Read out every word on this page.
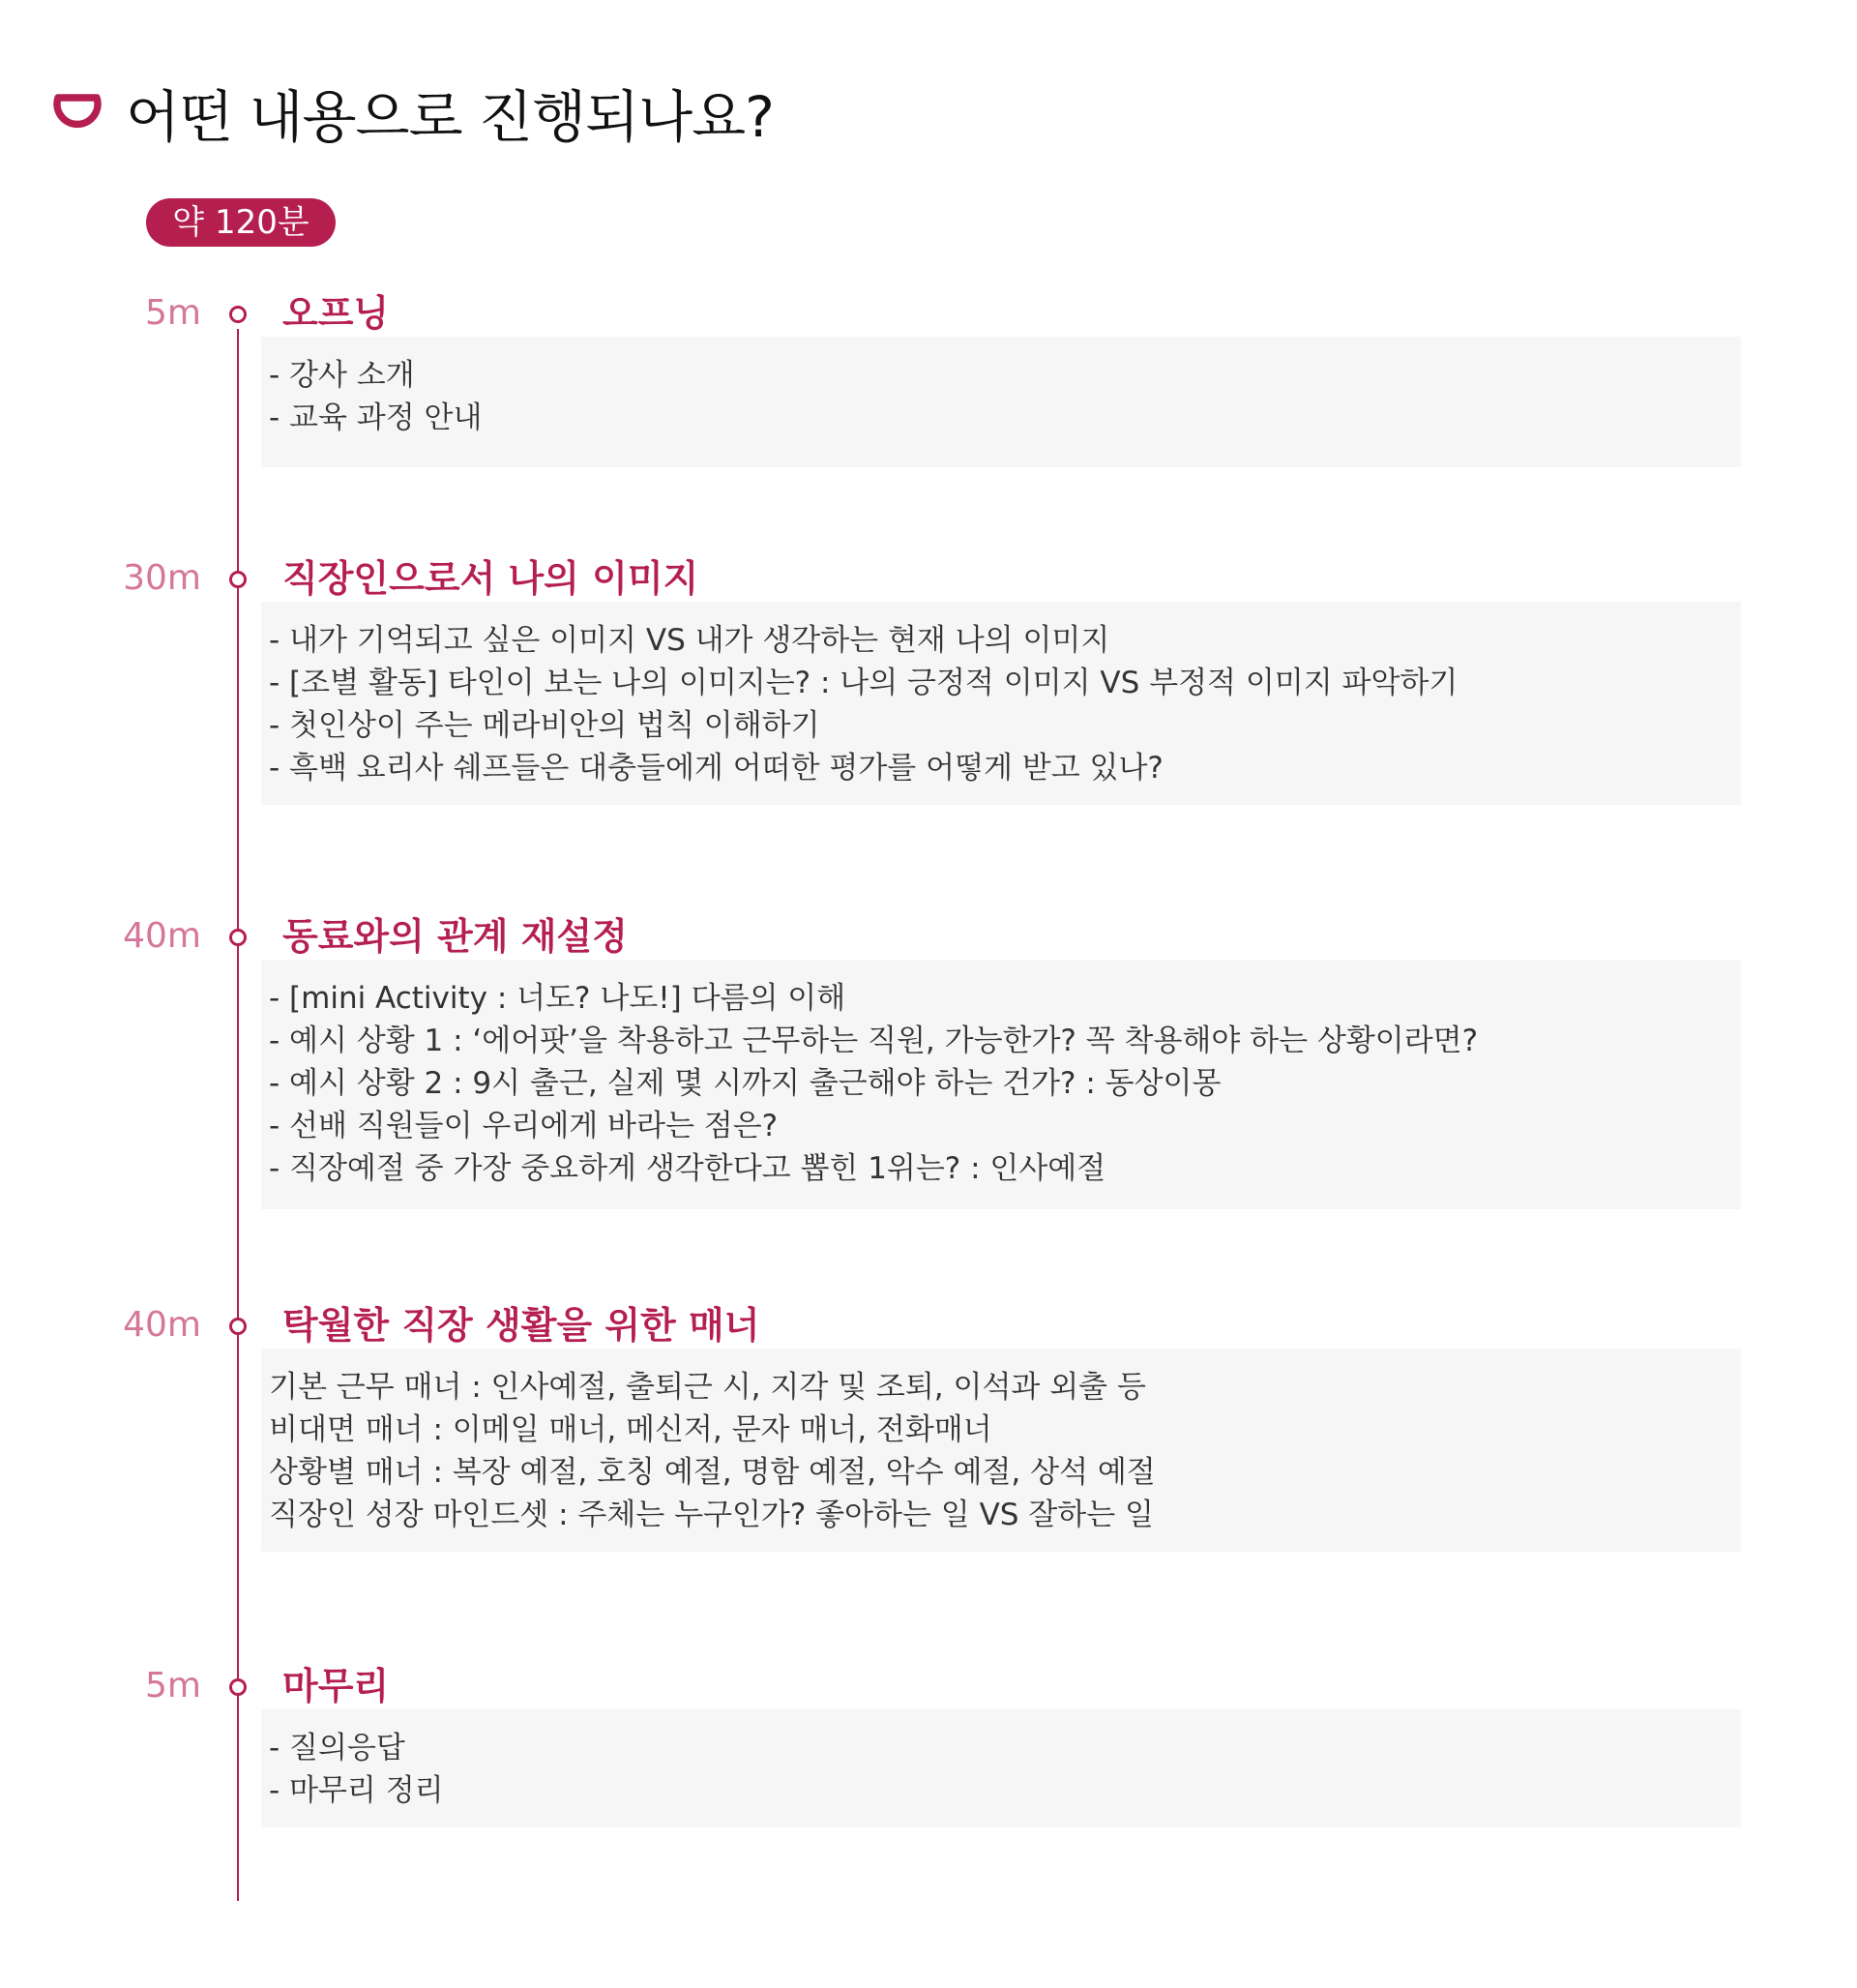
어떤 내용으로 진행되나요?
약 120분
5m 오프닝
- 강사 소개
- 교육 과정 안내
30m 직장인으로서 나의 이미지
- 내가 기억되고 싶은 이미지 VS 내가 생각하는 현재 나의 이미지
- [조별 활동] 타인이 보는 나의 이미지는? : 나의 긍정적 이미지 VS 부정적 이미지 파악하기
- 첫인상이 주는 메라비안의 법칙 이해하기
- 흑백 요리사 쉐프들은 대충들에게 어떠한 평가를 어떻게 받고 있나?
40m 동료와의 관계 재설정
- [mini Activity : 너도? 나도!] 다름의 이해
- 예시 상황 1 : ‘에어팟’을 착용하고 근무하는 직원, 가능한가? 꼭 착용해야 하는 상황이라면?
- 예시 상황 2 : 9시 출근, 실제 몇 시까지 출근해야 하는 건가? : 동상이몽
- 선배 직원들이 우리에게 바라는 점은?
- 직장예절 중 가장 중요하게 생각한다고 뽑힌 1위는? : 인사예절
40m 탁월한 직장 생활을 위한 매너
기본 근무 매너 : 인사예절, 출퇴근 시, 지각 및 조퇴, 이석과 외출 등
비대면 매너 : 이메일 매너, 메신저, 문자 매너, 전화매너
상황별 매너 : 복장 예절, 호칭 예절, 명함 예절, 악수 예절, 상석 예절
직장인 성장 마인드셋 : 주체는 누구인가? 좋아하는 일 VS 잘하는 일
5m 마무리
- 질의응답
- 마무리 정리
